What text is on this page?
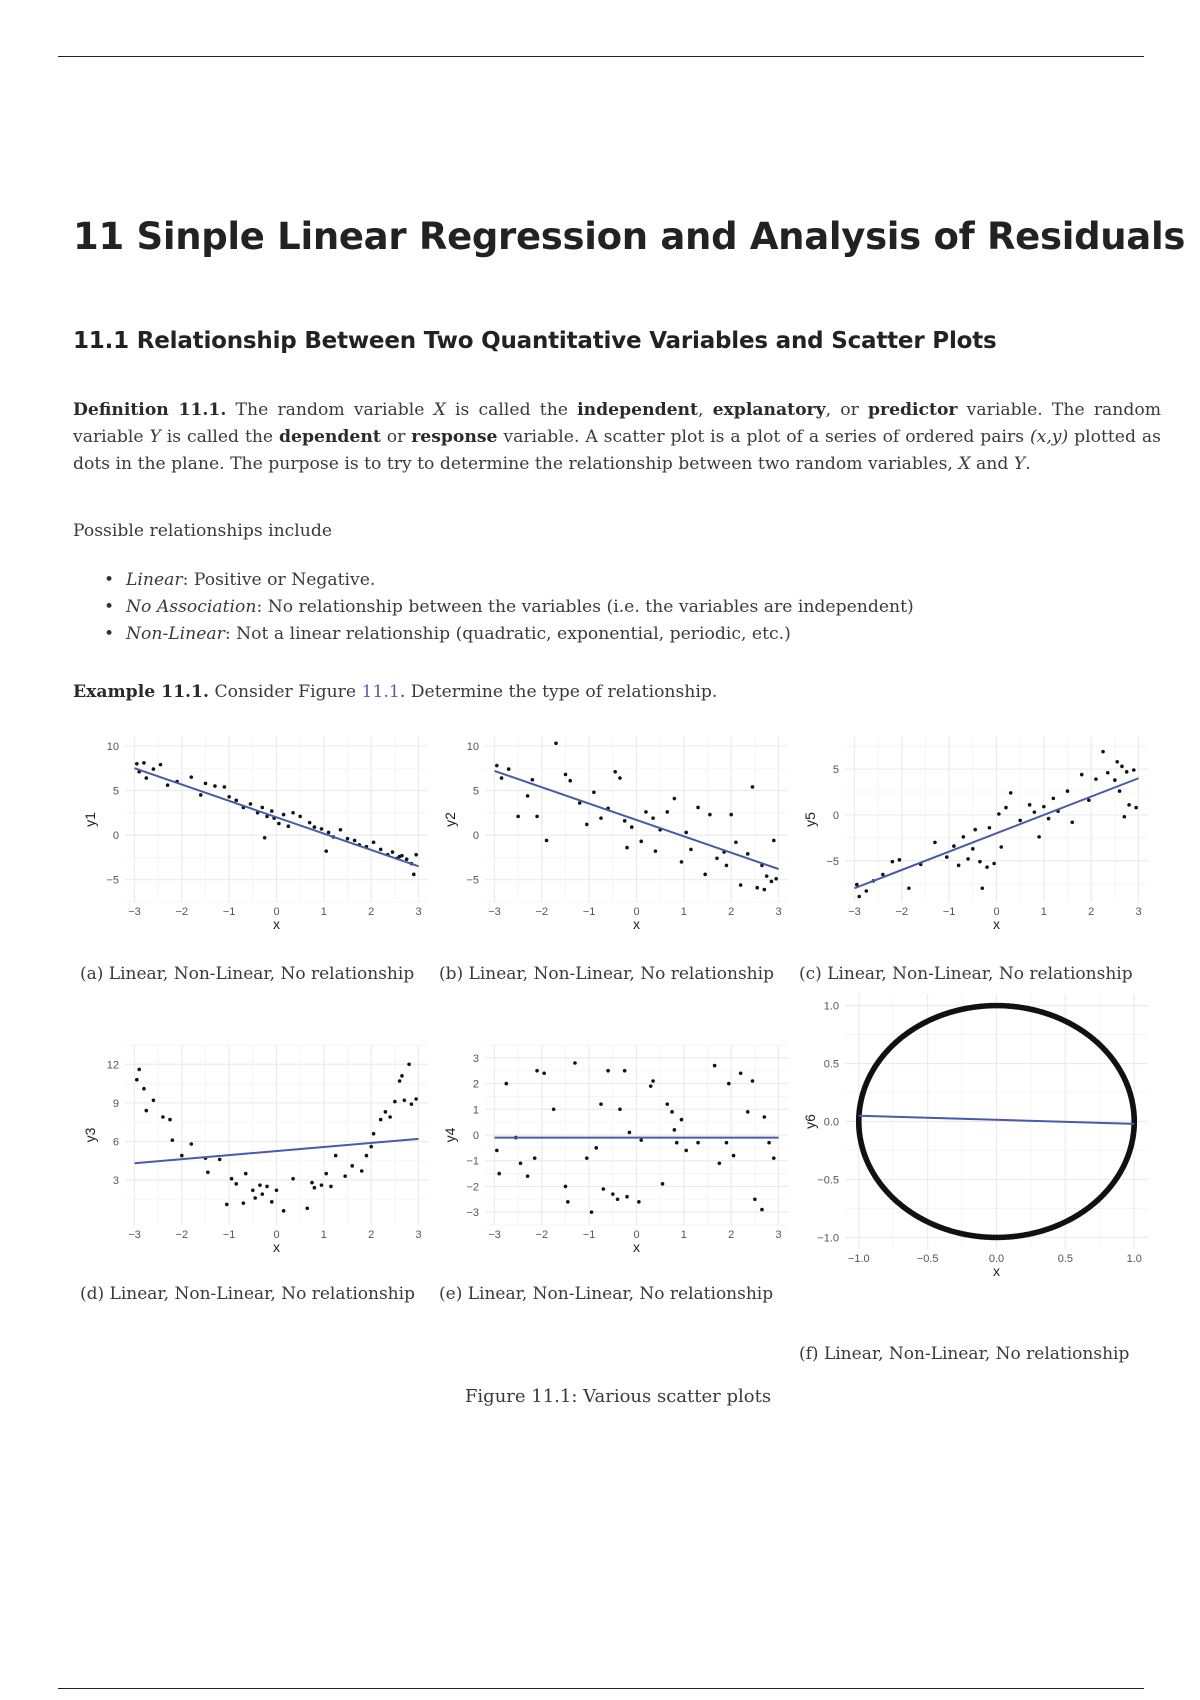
11 Sinple Linear Regression and Analysis of Residuals
11.1 Relationship Between Two Quantitative Variables and Scatter Plots

Definition 11.1. The random variable X is called the independent, explanatory, or predictor variable. The random variable Y is called the dependent or response variable. A scatter plot is a plot of a series of ordered pairs (x,y) plotted as dots in the plane. The purpose is to try to determine the relationship between two random variables, X and Y.

Possible relationships include

• Linear: Positive or Negative.
• No Association: No relationship between the variables (i.e. the variables are independent)
• Non-Linear: Not a linear relationship (quadratic, exponential, periodic, etc.)

Example 11.1. Consider Figure 11.1. Determine the type of relationship.

−3	−2	−1	0	1	2	3
−5
0
5
10
x
y1
−3	−2	−1	0	1	2	3
−5
0
5
10
x
y2
−3	−2	−1	0	1	2	3
−5
0
5
x
y5
−3	−2	−1	0	1	2	3
3
6
9
12
x
y3
−3	−2	−1	0	1	2	3
−3
−2
−1
0
1
2
3
x
y4
−1.0	−0.5	0.0	0.5	1.0
−1.0
−0.5
0.0
0.5
1.0
x
y6
(a) Linear, Non-Linear, No relationship (b) Linear, Non-Linear, No relationship (c) Linear, Non-Linear, No relationship
(d) Linear, Non-Linear, No relationship (e) Linear, Non-Linear, No relationship
(f) Linear, Non-Linear, No relationship
Figure 11.1: Various scatter plots
